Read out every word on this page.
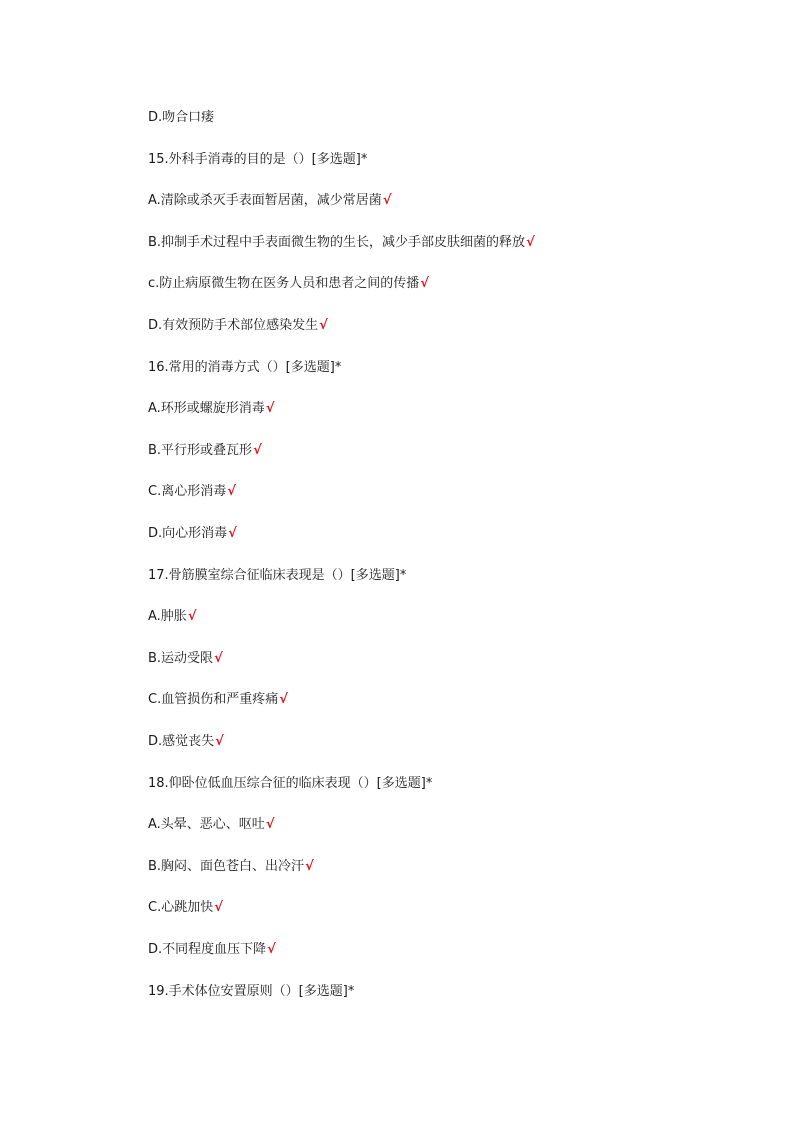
D.吻合口瘘
15.外科手消毒的目的是（）[多选题]*
A.清除或杀灭手表面暂居菌，减少常居菌√
B.抑制手术过程中手表面微生物的生长，减少手部皮肤细菌的释放√
c.防止病原微生物在医务人员和患者之间的传播√
D.有效预防手术部位感染发生√
16.常用的消毒方式（）[多选题]*
A.环形或螺旋形消毒√
B.平行形或叠瓦形√
C.离心形消毒√
D.向心形消毒√
17.骨筋膜室综合征临床表现是（）[多选题]*
A.肿胀√
B.运动受限√
C.血管损伤和严重疼痛√
D.感觉丧失√
18.仰卧位低血压综合征的临床表现（）[多选题]*
A.头晕、恶心、呕吐√
B.胸闷、面色苍白、出冷汗√
C.心跳加快√
D.不同程度血压下降√
19.手术体位安置原则（）[多选题]*
